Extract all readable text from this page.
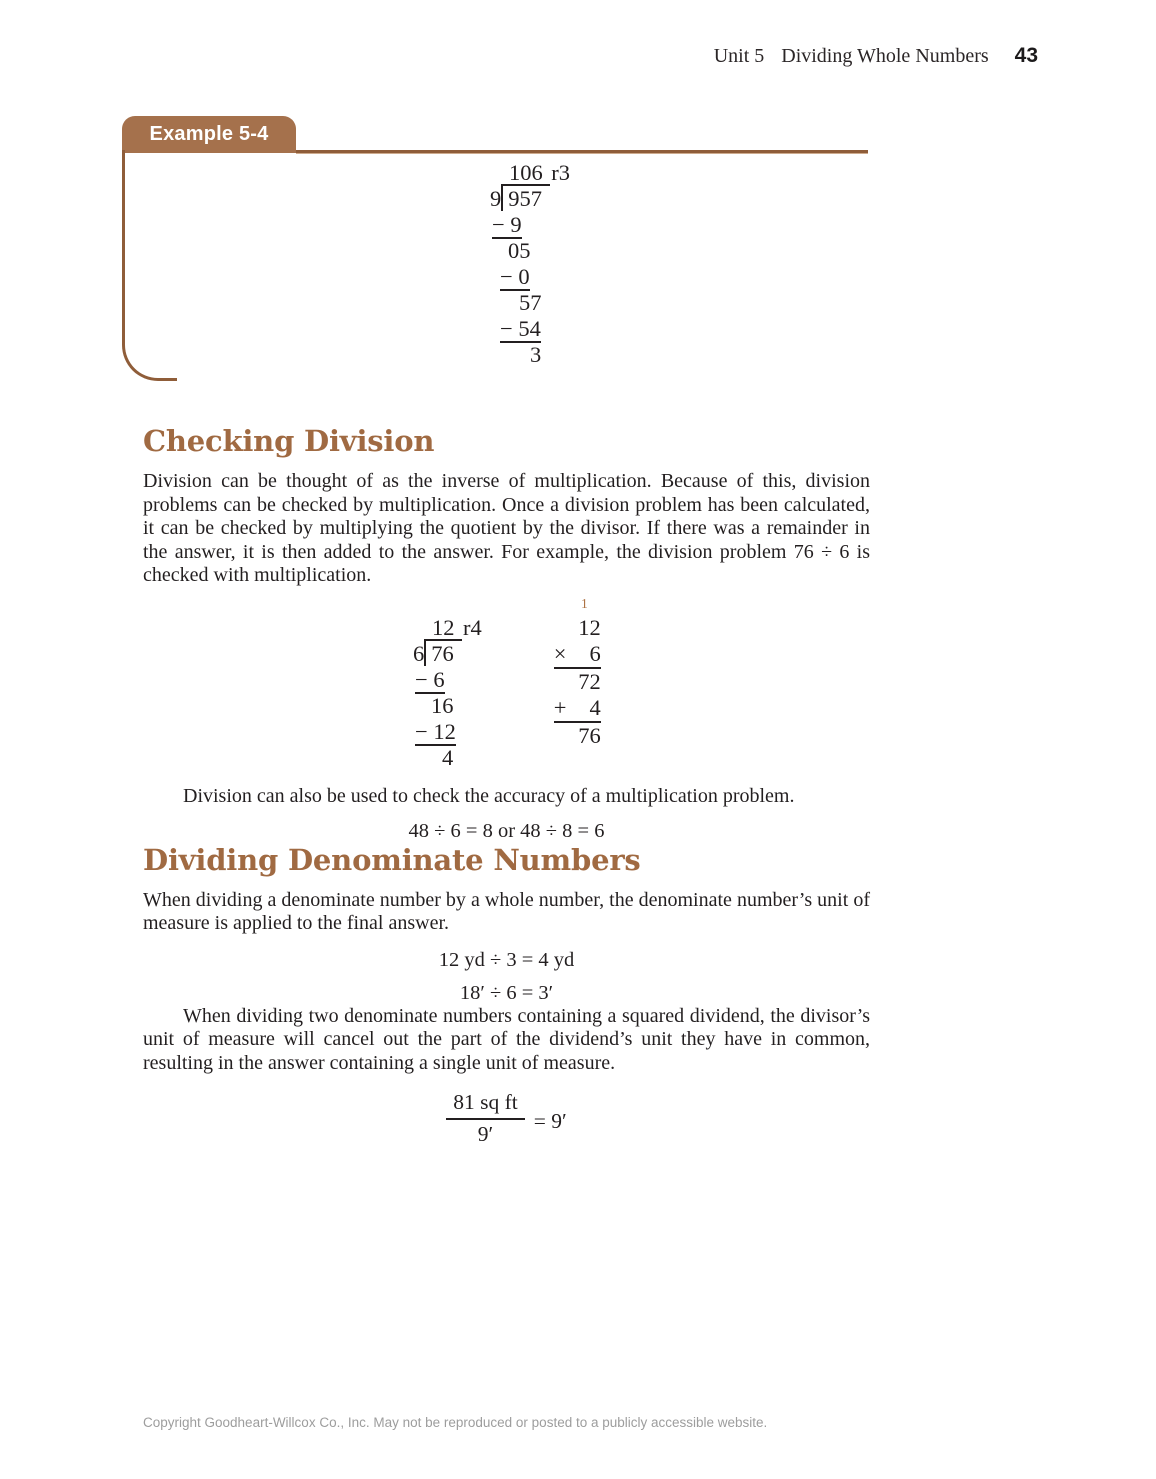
Unit 5 Dividing Whole Numbers 43
Example 5-4
106 r3
9 957
− 9
05
− 0
57
− 54
3
Checking Division

Division can be thought of as the inverse of multiplication. Because of this, division problems can be checked by multiplication. Once a division problem has been calculated, it can be checked by multiplying the quotient by the divisor. If there was a remainder in the answer, it is then added to the answer. For example, the division problem 76 ÷ 6 is checked with multiplication.

12 r4
6 76
− 6
16
− 12
4
1
12
× 6
72
+ 4
76

Division can also be used to check the accuracy of a multiplication problem.

48 ÷ 6 = 8 or 48 ÷ 8 = 6

Dividing Denominate Numbers

When dividing a denominate number by a whole number, the denominate number’s unit of measure is applied to the final answer.

12 yd ÷ 3 = 4 yd

18′ ÷ 6 = 3′

When dividing two denominate numbers containing a squared dividend, the divisor’s unit of measure will cancel out the part of the dividend’s unit they have in common, resulting in the answer containing a single unit of measure.

$\frac{\text{81 sq ft}}{9'} = 9'$
Copyright Goodheart-Willcox Co., Inc. May not be reproduced or posted to a publicly accessible website.
